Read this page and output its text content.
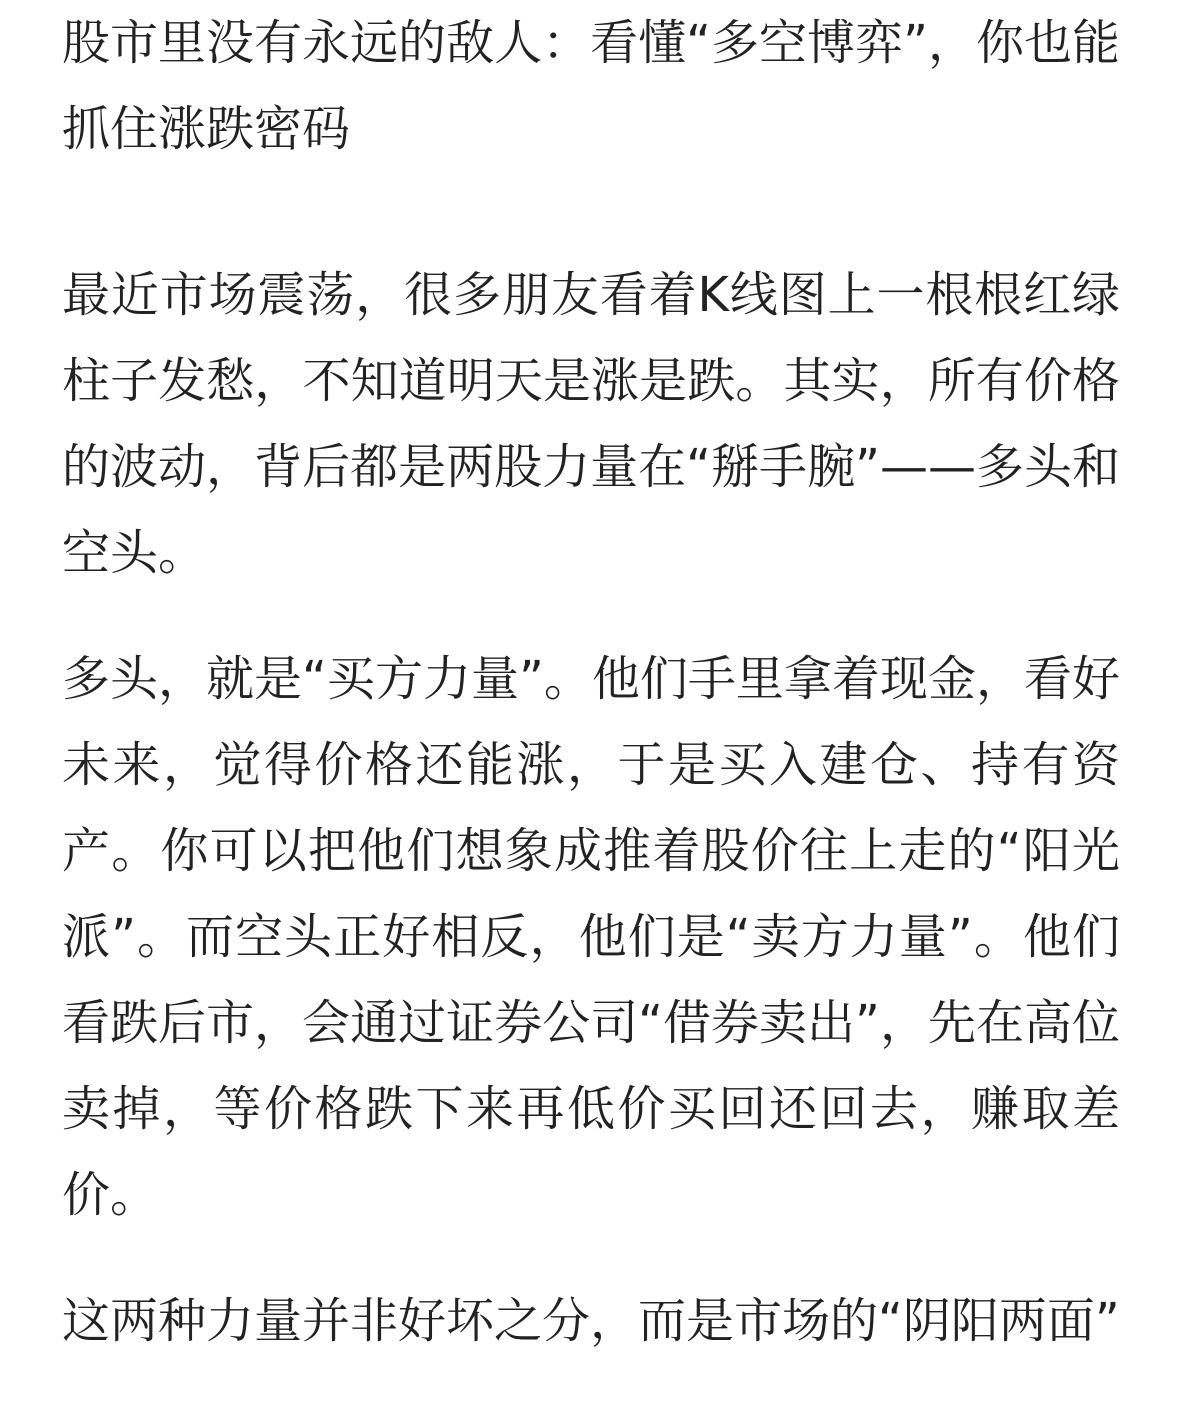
股市里没有永远的敌人：看懂“多空博弈”，你也能抓住涨跌密码

最近市场震荡，很多朋友看着K线图上一根根红绿柱子发愁，不知道明天是涨是跌。其实，所有价格的波动，背后都是两股力量在“掰手腕”——多头和空头。

多头，就是“买方力量”。他们手里拿着现金，看好未来，觉得价格还能涨，于是买入建仓、持有资产。你可以把他们想象成推着股价往上走的“阳光派”。而空头正好相反，他们是“卖方力量”。他们看跌后市，会通过证券公司“借券卖出”，先在高位卖掉，等价格跌下来再低价买回还回去，赚取差价。

这两种力量并非好坏之分，而是市场的“阴阳两面”
